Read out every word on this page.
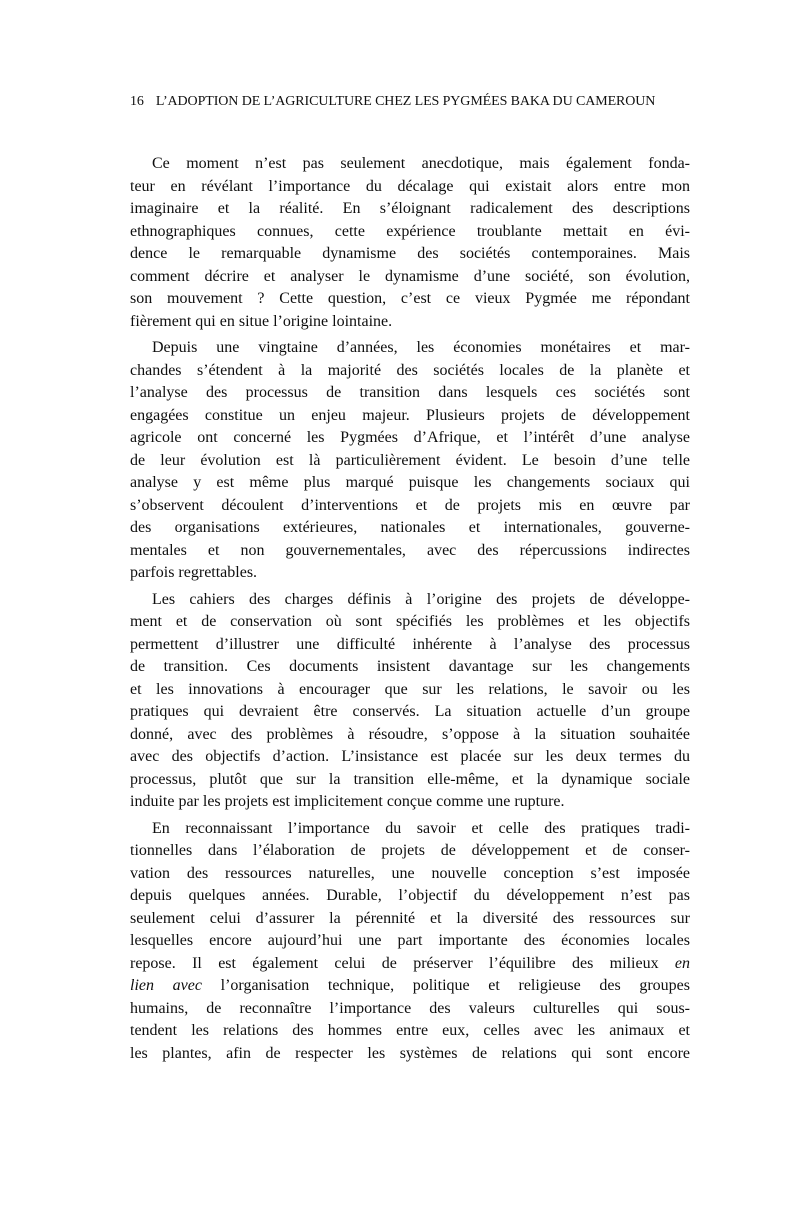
16 L’ADOPTION DE L’AGRICULTURE CHEZ LES PYGMÉES BAKA DU CAMEROUN
Ce moment n’est pas seulement anecdotique, mais également fonda-
teur en révélant l’importance du décalage qui existait alors entre mon
imaginaire et la réalité. En s’éloignant radicalement des descriptions
ethnographiques connues, cette expérience troublante mettait en évi-
dence le remarquable dynamisme des sociétés contemporaines. Mais
comment décrire et analyser le dynamisme d’une société, son évolution,
son mouvement ? Cette question, c’est ce vieux Pygmée me répondant
fièrement qui en situe l’origine lointaine.
Depuis une vingtaine d’années, les économies monétaires et mar-
chandes s’étendent à la majorité des sociétés locales de la planète et
l’analyse des processus de transition dans lesquels ces sociétés sont
engagées constitue un enjeu majeur. Plusieurs projets de développement
agricole ont concerné les Pygmées d’Afrique, et l’intérêt d’une analyse
de leur évolution est là particulièrement évident. Le besoin d’une telle
analyse y est même plus marqué puisque les changements sociaux qui
s’observent découlent d’interventions et de projets mis en œuvre par
des organisations extérieures, nationales et internationales, gouverne-
mentales et non gouvernementales, avec des répercussions indirectes
parfois regrettables.
Les cahiers des charges définis à l’origine des projets de développe-
ment et de conservation où sont spécifiés les problèmes et les objectifs
permettent d’illustrer une difficulté inhérente à l’analyse des processus
de transition. Ces documents insistent davantage sur les changements
et les innovations à encourager que sur les relations, le savoir ou les
pratiques qui devraient être conservés. La situation actuelle d’un groupe
donné, avec des problèmes à résoudre, s’oppose à la situation souhaitée
avec des objectifs d’action. L’insistance est placée sur les deux termes du
processus, plutôt que sur la transition elle-même, et la dynamique sociale
induite par les projets est implicitement conçue comme une rupture.
En reconnaissant l’importance du savoir et celle des pratiques tradi-
tionnelles dans l’élaboration de projets de développement et de conser-
vation des ressources naturelles, une nouvelle conception s’est imposée
depuis quelques années. Durable, l’objectif du développement n’est pas
seulement celui d’assurer la pérennité et la diversité des ressources sur
lesquelles encore aujourd’hui une part importante des économies locales
repose. Il est également celui de préserver l’équilibre des milieux en
lien avec l’organisation technique, politique et religieuse des groupes
humains, de reconnaître l’importance des valeurs culturelles qui sous-
tendent les relations des hommes entre eux, celles avec les animaux et
les plantes, afin de respecter les systèmes de relations qui sont encore
